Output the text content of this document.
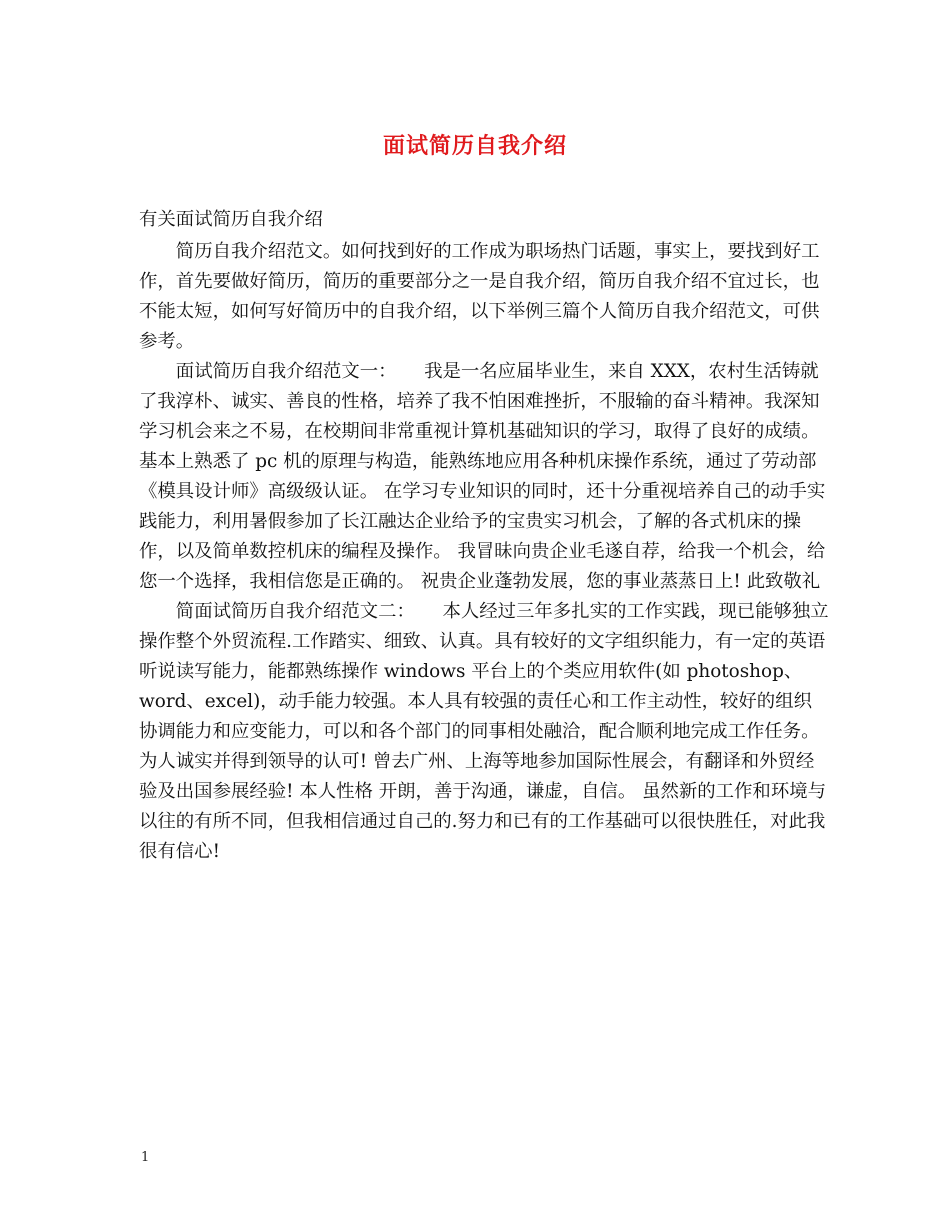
面试简历自我介绍

有关面试简历自我介绍

简历自我介绍范文。如何找到好的工作成为职场热门话题，事实上，要找到好工作，首先要做好简历，简历的重要部分之一是自我介绍，简历自我介绍不宜过长，也不能太短，如何写好简历中的自我介绍，以下举例三篇个人简历自我介绍范文，可供参考。

面试简历自我介绍范文一：　　我是一名应届毕业生，来自 XXX，农村生活铸就了我淳朴、诚实、善良的性格，培养了我不怕困难挫折，不服输的奋斗精神。我深知学习机会来之不易，在校期间非常重视计算机基础知识的学习，取得了良好的成绩。基本上熟悉了 pc 机的原理与构造，能熟练地应用各种机床操作系统，通过了劳动部《模具设计师》高级级认证。 在学习专业知识的同时，还十分重视培养自己的动手实践能力，利用暑假参加了长江融达企业给予的宝贵实习机会，了解的各式机床的操作，以及简单数控机床的编程及操作。 我冒昧向贵企业毛遂自荐，给我一个机会，给您一个选择，我相信您是正确的。 祝贵企业蓬勃发展，您的事业蒸蒸日上! 此致敬礼

简面试简历自我介绍范文二：　　本人经过三年多扎实的工作实践，现已能够独立操作整个外贸流程.工作踏实、细致、认真。具有较好的文字组织能力，有一定的英语听说读写能力，能都熟练操作 windows 平台上的个类应用软件(如 photoshop、word、excel)，动手能力较强。本人具有较强的责任心和工作主动性，较好的组织协调能力和应变能力，可以和各个部门的同事相处融洽，配合顺利地完成工作任务。为人诚实并得到领导的认可! 曾去广州、上海等地参加国际性展会，有翻译和外贸经验及出国参展经验! 本人性格 开朗，善于沟通，谦虚，自信。 虽然新的工作和环境与以往的有所不同，但我相信通过自己的.努力和已有的工作基础可以很快胜任，对此我很有信心!

1
